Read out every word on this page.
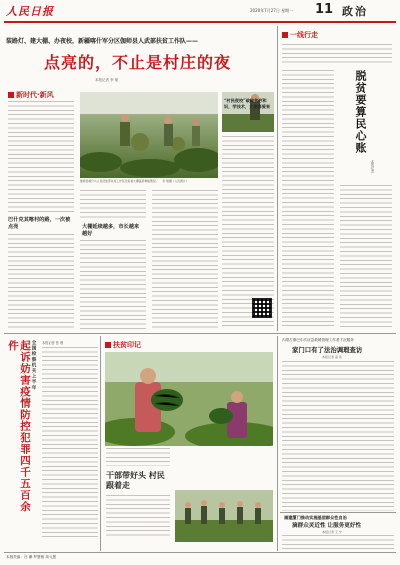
人民日报	2020年7月27日 星期一 11 政治
装路灯、建大棚、办夜校，新疆喀什军分区伽师县人武部扶贫工作队——
点亮的，不止是村庄的夜
新时代·新风
巴什克其喀村的路，一次被点亮
伽师县喀什兵人民武装部扶贫工作队员查看大棚蔬菜种植情况。　　李 航摄（人民图片）
大棚延续越多，市长越来越好
“村民夜校”破除贫穷和识，学技术，大家都爱来
本报记者 李 航
一线行走
脱贫要算民心账
本报记者
全国检察机关上半年
起诉妨害疫情防控犯罪四千五百余件	本报记者 张 璁	扶贫印记
干部带好头 村民跟着走
內蒙古康巴尔次应急救援管理工作者下沉服务
家门口有了法治调瑕查访
本报记者 高 亮
福建厦门推动实施基层群众性自治
滴群众灵近性 让服务更好性
本报记者 王 宁
本版责编：吕 鹏 罗慧敏 周元慧
